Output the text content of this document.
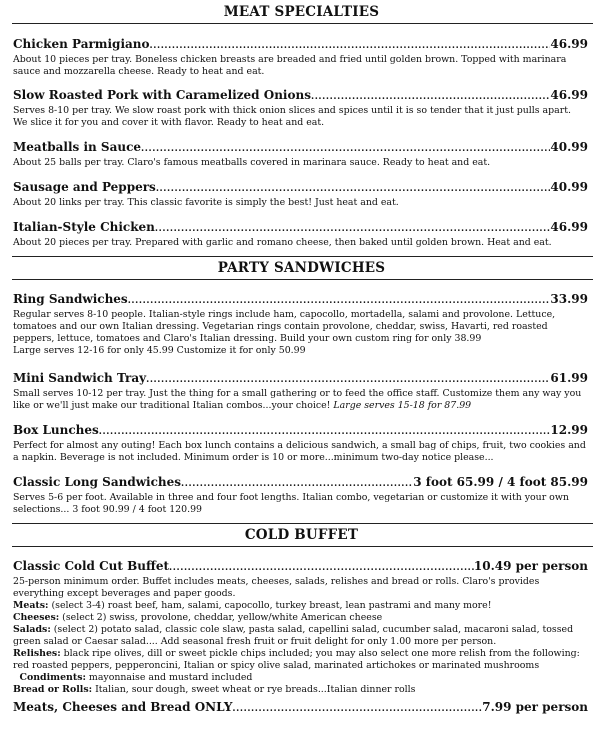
MEAT SPECIALTIES
Chicken Parmigiano .....	46.99
About 10 pieces per tray. Boneless chicken breasts are breaded and fried until golden brown. Topped with marinara sauce and mozzarella cheese. Ready to heat and eat.
Slow Roasted Pork with Caramelized Onions .....	46.99
Serves 8-10 per tray. We slow roast pork with thick onion slices and spices until it is so tender that it just pulls apart. We slice it for you and cover it with flavor. Ready to heat and eat.
Meatballs in Sauce .....	40.99
About 25 balls per tray. Claro's famous meatballs covered in marinara sauce. Ready to heat and eat.
Sausage and Peppers .....	40.99
About 20 links per tray. This classic favorite is simply the best! Just heat and eat.
Italian-Style Chicken .....	46.99
About 20 pieces per tray. Prepared with garlic and romano cheese, then baked until golden brown. Heat and eat.
PARTY SANDWICHES
Ring Sandwiches .....	33.99
Regular serves 8-10 people. Italian-style rings include ham, capocollo, mortadella, salami and provolone. Lettuce, tomatoes and our own Italian dressing. Vegetarian rings contain provolone, cheddar, swiss, Havarti, red roasted peppers, lettuce, tomatoes and Claro's Italian dressing. Build your own custom ring for only 38.99
Large serves 12-16 for only 45.99 Customize it for only 50.99
Mini Sandwich Tray .....	61.99
Small serves 10-12 per tray. Just the thing for a small gathering or to feed the office staff. Customize them any way you like or we'll just make our traditional Italian combos...your choice! Large serves 15-18 for 87.99
Box Lunches .....	12.99
Perfect for almost any outing! Each box lunch contains a delicious sandwich, a small bag of chips, fruit, two cookies and a napkin. Beverage is not included. Minimum order is 10 or more...minimum two-day notice please...
Classic Long Sandwiches .....	3 foot 65.99 / 4 foot 85.99
Serves 5-6 per foot. Available in three and four foot lengths. Italian combo, vegetarian or customize it with your own selections... 3 foot 90.99 / 4 foot 120.99
COLD BUFFET
Classic Cold Cut Buffet .....	10.49 per person
25-person minimum order. Buffet includes meats, cheeses, salads, relishes and bread or rolls. Claro's provides everything except beverages and paper goods.
Meats: (select 3-4) roast beef, ham, salami, capocollo, turkey breast, lean pastrami and many more!
Cheeses: (select 2) swiss, provolone, cheddar, yellow/white American cheese
Salads: (select 2) potato salad, classic cole slaw, pasta salad, capellini salad, cucumber salad, macaroni salad, tossed green salad or Caesar salad.... Add seasonal fresh fruit or fruit delight for only 1.00 more per person.
Relishes: black ripe olives, dill or sweet pickle chips included; you may also select one more relish from the following: red roasted peppers, pepperoncini, Italian or spicy olive salad, marinated artichokes or marinated mushrooms
Condiments: mayonnaise and mustard included
Bread or Rolls: Italian, sour dough, sweet wheat or rye breads...Italian dinner rolls
Meats, Cheeses and Bread ONLY .....	7.99 per person
